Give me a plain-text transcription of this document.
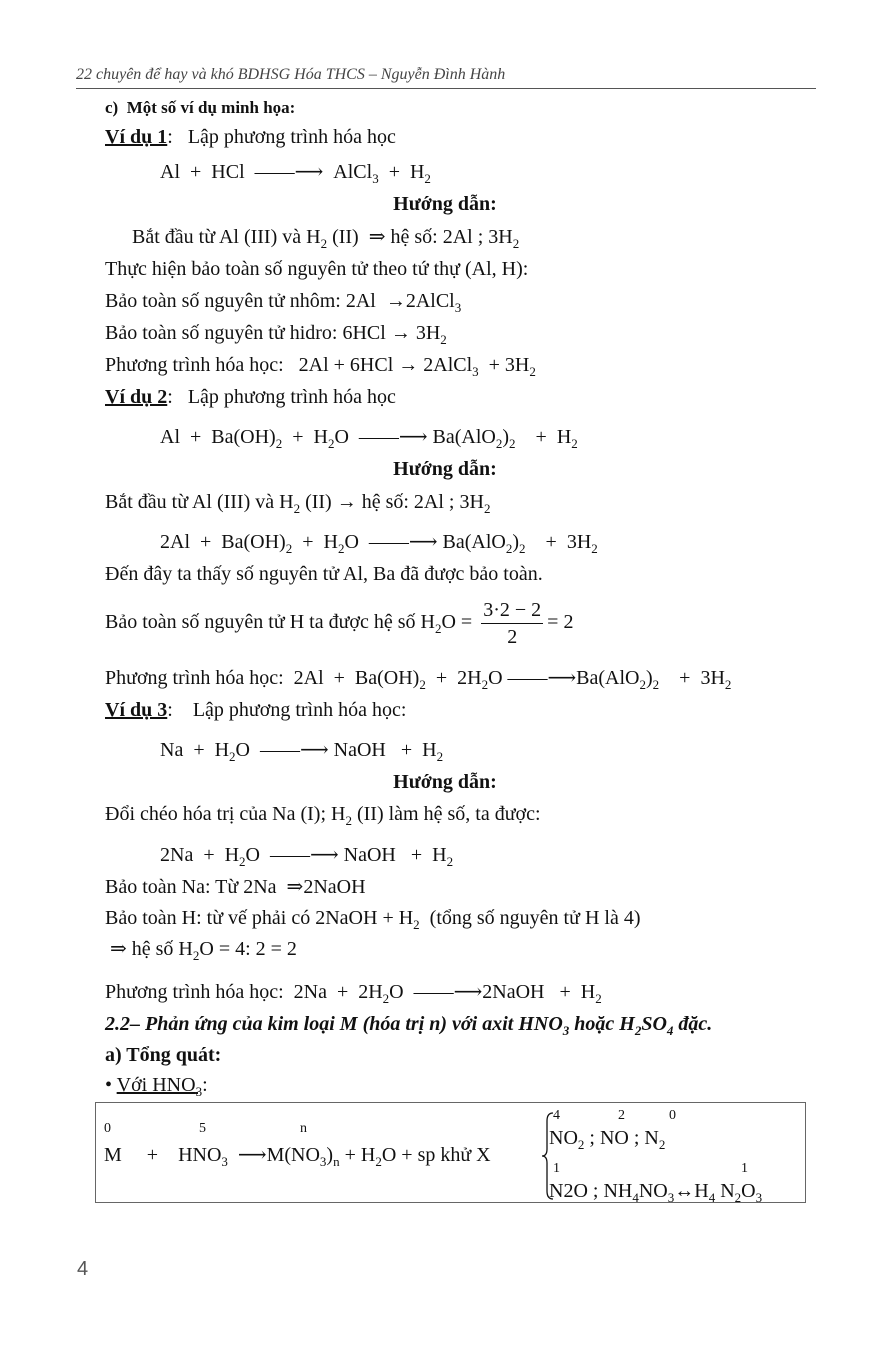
22 chuyên để hay và khó BDHSG Hóa THCS – Nguyễn Đình Hành
c) Một số ví dụ minh họa:
Ví dụ 1: Lập phương trình hóa học
Al  +  HCl  ——⟶  AlCl$_3$  +  $H_2$
Hướng dẫn:
Bắt đầu từ Al (III) và $H_2$ (II) ⇒ hệ số: 2Al ; $3H_2$
Thực hiện bảo toàn số nguyên tử theo tứ thự (Al, H):
Bảo toàn số nguyên tử nhôm: 2Al  →2AlCl$_3$
Bảo toàn số nguyên tử hidro: $6HCl \to 3H_2$
Phương trình hóa học: 2Al + 6HCl → 2AlCl$_3$ + $3H_2$
Ví dụ 2: Lập phương trình hóa học
$Al + Ba(OH)_2 + H_2O$  ——⟶ $Ba(AlO_2)_2$    +  $H_2$
Hướng dẫn:
Bắt đầu từ Al (III) và $H_2$ (II) → hệ số: 2Al ; $3H_2$
$2Al + Ba(OH)_2 + H_2O$  ——⟶ $Ba(AlO_2)_2$    +  $3H_2$
Đến đây ta thấy số nguyên tử Al, Ba đã được bảo toàn.
Bảo toàn số nguyên tử H ta được hệ số $H_2O = \frac{3\cdot 2 - 2}{2} = 2$
Phương trình hóa học:  $2Al + Ba(OH)_2 + 2H_2O$ $——⟶Ba(AlO_2)_2$    +  $3H_2$
Ví dụ 3: Lập phương trình hóa học:
$Na + H_2O$  ——⟶ NaOH   +  $H_2$
Hướng dẫn:
Đổi chéo hóa trị của Na (I); $H_2$ (II) làm hệ số, ta được:
$2Na + H_2O$  ——⟶ NaOH   +  $H_2$
Bảo toàn Na: Từ 2Na ⇒2NaOH
Bảo toàn H: từ vế phải có 2NaOH + $H_2$ (tổng số nguyên tử H là 4)
⇒ hệ số $H_2O = 4$: 2 = 2
Phương trình hóa học:  $2Na + 2H_2O$  ——⟶2NaOH   +  $H_2$
2.2– Phản ứng của kim loại M (hóa trị n) với axit $HNO_3$ hoặc $H_2SO_4$ đặc.
a) Tổng quát:
• Với $HNO_3$:
0	5	n
M     +    $HNO_3$  $⟶M(NO_3)_n + H_2O$ + sp khử X
4	2	0
$NO_2$ ; NO ; $N_2$
1	1
N2O ; $NH_4NO_3\leftrightarrow H_4$ $N_2O_3$
4
